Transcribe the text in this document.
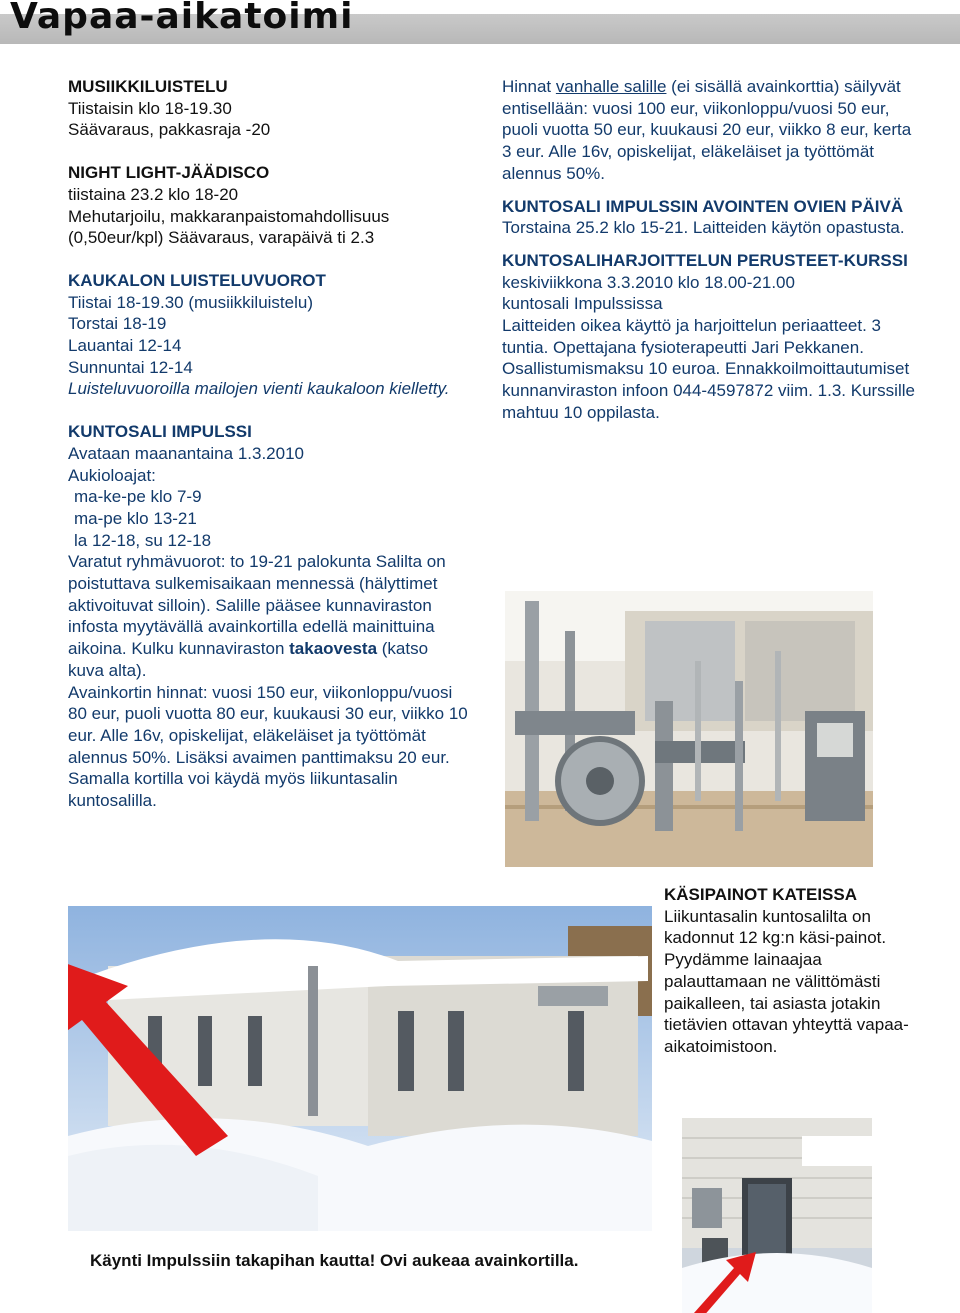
Vapaa-aikatoimi

MUSIIKKILUISTELU

Tiistaisin klo 18-19.30

Säävaraus, pakkasraja -20

NIGHT LIGHT-JÄÄDISCO

tiistaina 23.2 klo 18-20

Mehutarjoilu, makkaranpaistomahdollisuus

(0,50eur/kpl) Säävaraus, varapäivä ti 2.3

KAUKALON LUISTELUVUOROT

Tiistai 18-19.30 (musiikkiluistelu)

Torstai 18-19

Lauantai 12-14

Sunnuntai 12-14

Luisteluvuoroilla mailojen vienti kaukaloon kielletty.

KUNTOSALI IMPULSSI

Avataan maanantaina 1.3.2010

Aukioloajat:

ma-ke-pe klo 7-9

ma-pe klo 13-21

la 12-18, su 12-18

Varatut ryhmävuorot: to 19-21 palokunta Salilta on poistuttava sulkemisaikaan mennessä (hälyttimet aktivoituvat silloin). Salille pääsee kunnaviraston infosta myytävällä avainkortilla edellä mainittuina aikoina. Kulku kunnaviraston takaovesta (katso kuva alta).

Avainkortin hinnat: vuosi 150 eur, viikonloppu/vuosi 80 eur, puoli vuotta 80 eur, kuukausi 30 eur, viikko 10 eur. Alle 16v, opiskelijat, eläkeläiset ja työttömät alennus 50%. Lisäksi avaimen panttimaksu 20 eur. Samalla kortilla voi käydä myös liikuntasalin kuntosalilla.

Hinnat vanhalle salille (ei sisällä avainkorttia) säilyvät entisellään: vuosi 100 eur, viikonloppu/vuosi 50 eur, puoli vuotta 50 eur, kuukausi 20 eur, viikko 8 eur, kerta 3 eur. Alle 16v, opiskelijat, eläkeläiset ja työttömät alennus 50%.

KUNTOSALI IMPULSSIN AVOINTEN OVIEN PÄIVÄ

Torstaina 25.2 klo 15-21. Laitteiden käytön opastusta.

KUNTOSALIHARJOITTELUN PERUSTEET-KURSSI

keskiviikkona 3.3.2010 klo 18.00-21.00

kuntosali Impulssissa

Laitteiden oikea käyttö ja harjoittelun periaatteet. 3 tuntia. Opettajana fysioterapeutti Jari Pekkanen. Osallistumismaksu 10 euroa. Ennakkoilmoittautumiset kunnanviraston infoon 044-4597872 viim. 1.3. Kurssille mahtuu 10 oppilasta.

KÄSIPAINOT KATEISSA

Liikuntasalin kuntosalilta on kadonnut 12 kg:n käsi-painot. Pyydämme lainaajaa palauttamaan ne välittömästi paikalleen, tai asiasta jotakin tietävien ottavan yhteyttä vapaa-aikatoimistoon.

Käynti Impulssiin takapihan kautta! Ovi aukeaa avainkortilla.
